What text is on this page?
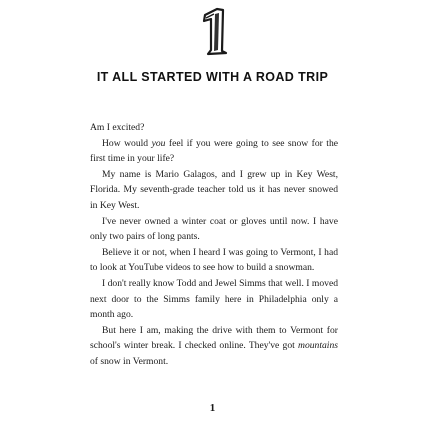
IT ALL STARTED WITH A ROAD TRIP

Am I excited?

How would you feel if you were going to see snow for the first time in your life?

My name is Mario Galagos, and I grew up in Key West, Florida. My seventh-grade teacher told us it has never snowed in Key West.

I've never owned a winter coat or gloves until now. I have only two pairs of long pants.

Believe it or not, when I heard I was going to Vermont, I had to look at YouTube videos to see how to build a snowman.

I don't really know Todd and Jewel Simms that well. I moved next door to the Simms family here in Philadelphia only a month ago.

But here I am, making the drive with them to Vermont for school's winter break. I checked online. They've got mountains of snow in Vermont.

1
